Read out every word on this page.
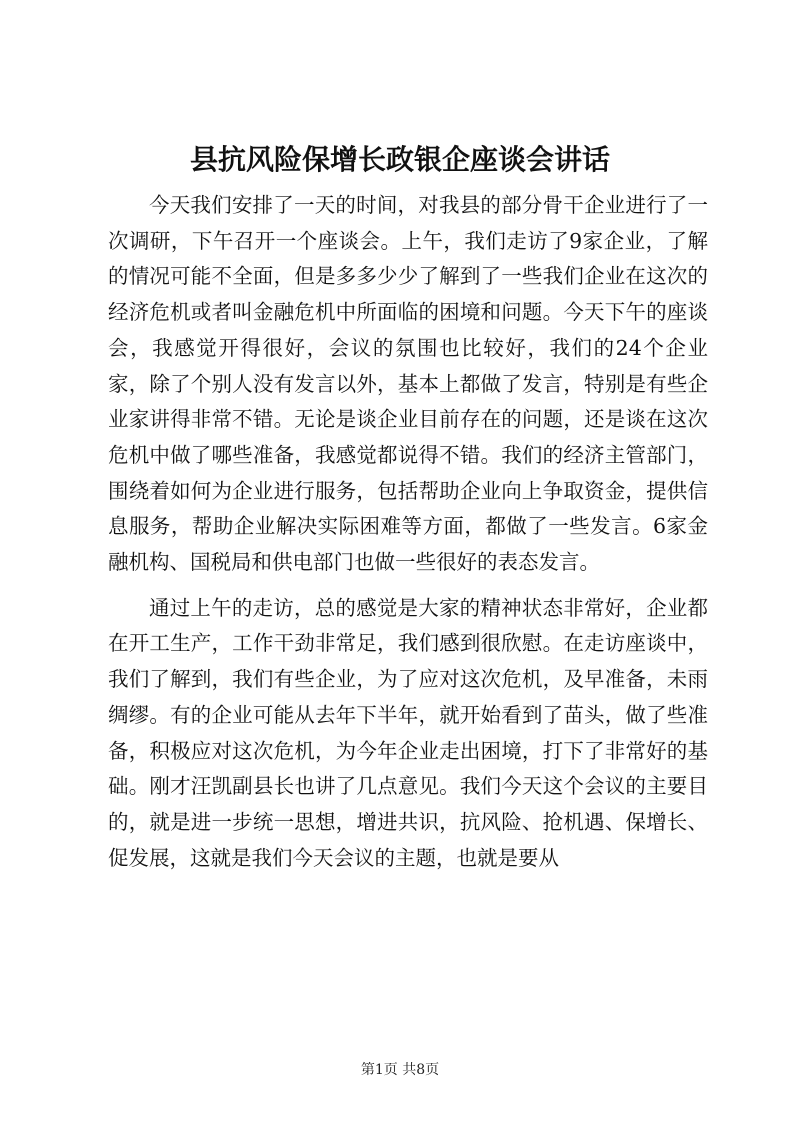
县抗风险保增长政银企座谈会讲话

今天我们安排了一天的时间，对我县的部分骨干企业进行了一次调研，下午召开一个座谈会。上午，我们走访了9家企业，了解的情况可能不全面，但是多多少少了解到了一些我们企业在这次的经济危机或者叫金融危机中所面临的困境和问题。今天下午的座谈会，我感觉开得很好，会议的氛围也比较好，我们的24个企业家，除了个别人没有发言以外，基本上都做了发言，特别是有些企业家讲得非常不错。无论是谈企业目前存在的问题，还是谈在这次危机中做了哪些准备，我感觉都说得不错。我们的经济主管部门，围绕着如何为企业进行服务，包括帮助企业向上争取资金，提供信息服务，帮助企业解决实际困难等方面，都做了一些发言。6家金融机构、国税局和供电部门也做一些很好的表态发言。

通过上午的走访，总的感觉是大家的精神状态非常好，企业都在开工生产，工作干劲非常足，我们感到很欣慰。在走访座谈中，我们了解到，我们有些企业，为了应对这次危机，及早准备，未雨绸缪。有的企业可能从去年下半年，就开始看到了苗头，做了些准备，积极应对这次危机，为今年企业走出困境，打下了非常好的基础。刚才汪凯副县长也讲了几点意见。我们今天这个会议的主要目的，就是进一步统一思想，增进共识，抗风险、抢机遇、保增长、促发展，这就是我们今天会议的主题，也就是要从

第1页 共8页
